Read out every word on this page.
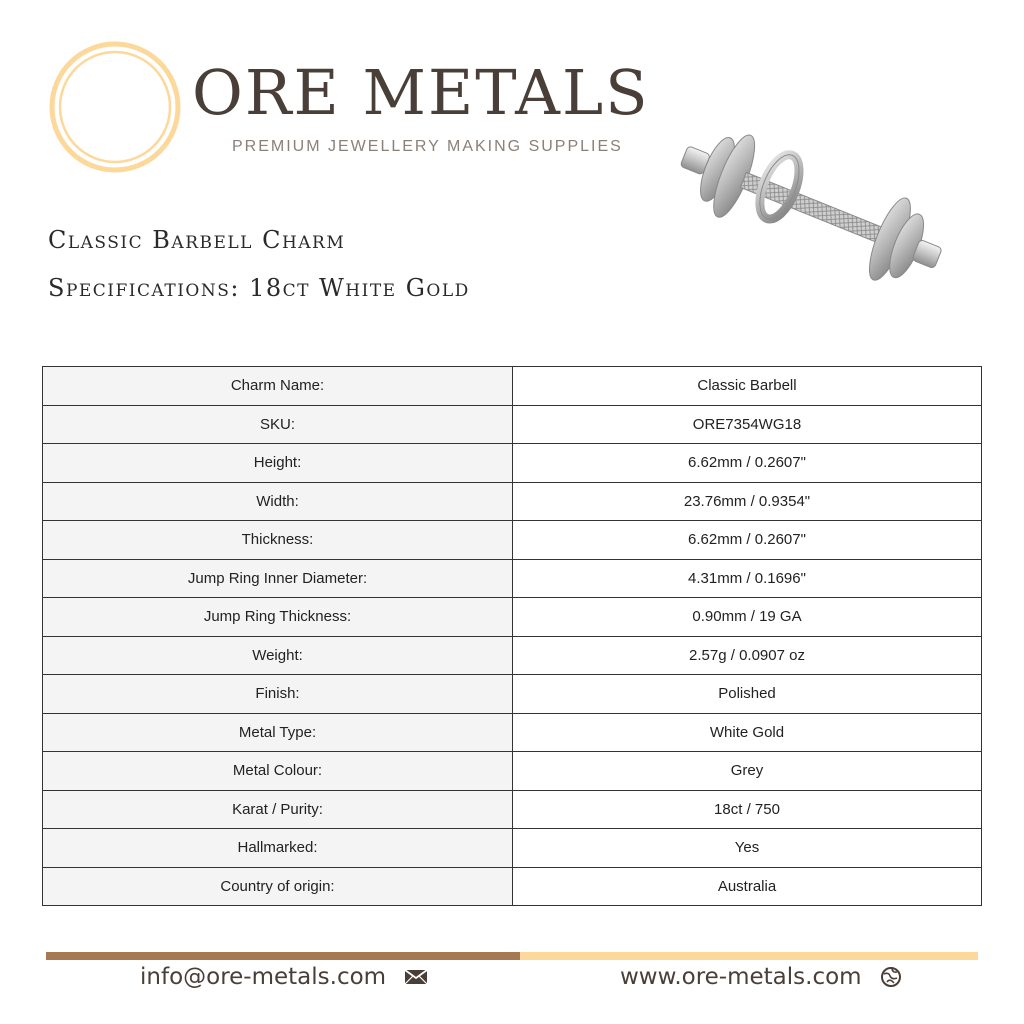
ORE METALS
PREMIUM JEWELLERY MAKING SUPPLIES
Classic Barbell Charm
Specifications: 18ct White Gold
Charm Name:	Classic Barbell
SKU:	ORE7354WG18
Height:	6.62mm / 0.2607"
Width:	23.76mm / 0.9354"
Thickness:	6.62mm / 0.2607"
Jump Ring Inner Diameter:	4.31mm / 0.1696"
Jump Ring Thickness:	0.90mm / 19 GA
Weight:	2.57g / 0.0907 oz
Finish:	Polished
Metal Type:	White Gold
Metal Colour:	Grey
Karat / Purity:	18ct / 750
Hallmarked:	Yes
Country of origin:	Australia
info@ore-metals.com	www.ore-metals.com
